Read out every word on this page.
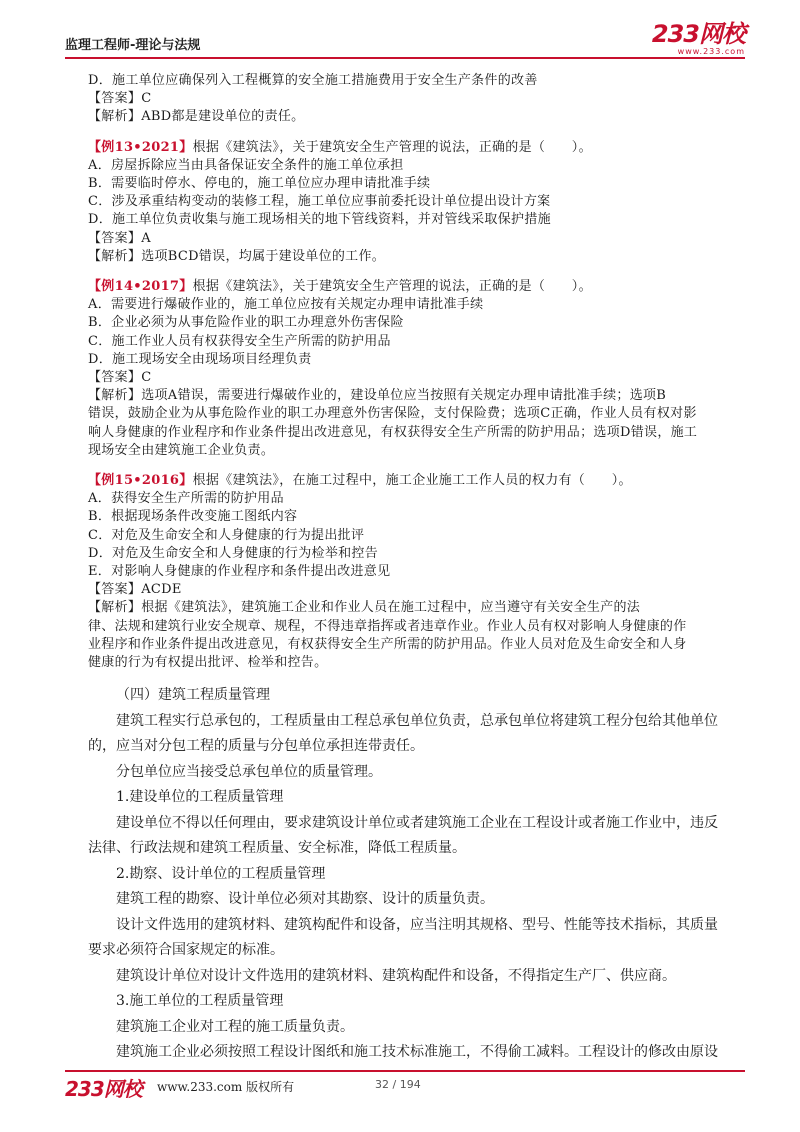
监理工程师-理论与法规	233网校
www.233.com
D．施工单位应确保列入工程概算的安全施工措施费用于安全生产条件的改善
【答案】C
【解析】ABD都是建设单位的责任。
【例13•2021】根据《建筑法》，关于建筑安全生产管理的说法，正确的是（　　）。
A．房屋拆除应当由具备保证安全条件的施工单位承担
B．需要临时停水、停电的，施工单位应办理申请批准手续
C．涉及承重结构变动的装修工程，施工单位应事前委托设计单位提出设计方案
D．施工单位负责收集与施工现场相关的地下管线资料，并对管线采取保护措施
【答案】A
【解析】选项BCD错误，均属于建设单位的工作。
【例14•2017】根据《建筑法》，关于建筑安全生产管理的说法，正确的是（　　）。
A．需要进行爆破作业的，施工单位应按有关规定办理申请批准手续
B．企业必须为从事危险作业的职工办理意外伤害保险
C．施工作业人员有权获得安全生产所需的防护用品
D．施工现场安全由现场项目经理负责
【答案】C
【解析】选项A错误，需要进行爆破作业的，建设单位应当按照有关规定办理申请批准手续；选项B
错误，鼓励企业为从事危险作业的职工办理意外伤害保险，支付保险费；选项C正确，作业人员有权对影
响人身健康的作业程序和作业条件提出改进意见，有权获得安全生产所需的防护用品；选项D错误，施工
现场安全由建筑施工企业负责。
【例15•2016】根据《建筑法》，在施工过程中，施工企业施工工作人员的权力有（　　）。
A．获得安全生产所需的防护用品
B．根据现场条件改变施工图纸内容
C．对危及生命安全和人身健康的行为提出批评
D．对危及生命安全和人身健康的行为检举和控告
E．对影响人身健康的作业程序和条件提出改进意见
【答案】ACDE
【解析】根据《建筑法》，建筑施工企业和作业人员在施工过程中，应当遵守有关安全生产的法
律、法规和建筑行业安全规章、规程，不得违章指挥或者违章作业。作业人员有权对影响人身健康的作
业程序和作业条件提出改进意见，有权获得安全生产所需的防护用品。作业人员对危及生命安全和人身
健康的行为有权提出批评、检举和控告。

（四）建筑工程质量管理

建筑工程实行总承包的，工程质量由工程总承包单位负责，总承包单位将建筑工程分包给其他单位

的，应当对分包工程的质量与分包单位承担连带责任。

分包单位应当接受总承包单位的质量管理。

1.建设单位的工程质量管理

建设单位不得以任何理由，要求建筑设计单位或者建筑施工企业在工程设计或者施工作业中，违反

法律、行政法规和建筑工程质量、安全标准，降低工程质量。

2.勘察、设计单位的工程质量管理

建筑工程的勘察、设计单位必须对其勘察、设计的质量负责。

设计文件选用的建筑材料、建筑构配件和设备，应当注明其规格、型号、性能等技术指标，其质量

要求必须符合国家规定的标准。

建筑设计单位对设计文件选用的建筑材料、建筑构配件和设备，不得指定生产厂、供应商。

3.施工单位的工程质量管理

建筑施工企业对工程的施工质量负责。

建筑施工企业必须按照工程设计图纸和施工技术标准施工，不得偷工减料。工程设计的修改由原设

233网校 www.233.com 版权所有	32 / 194
